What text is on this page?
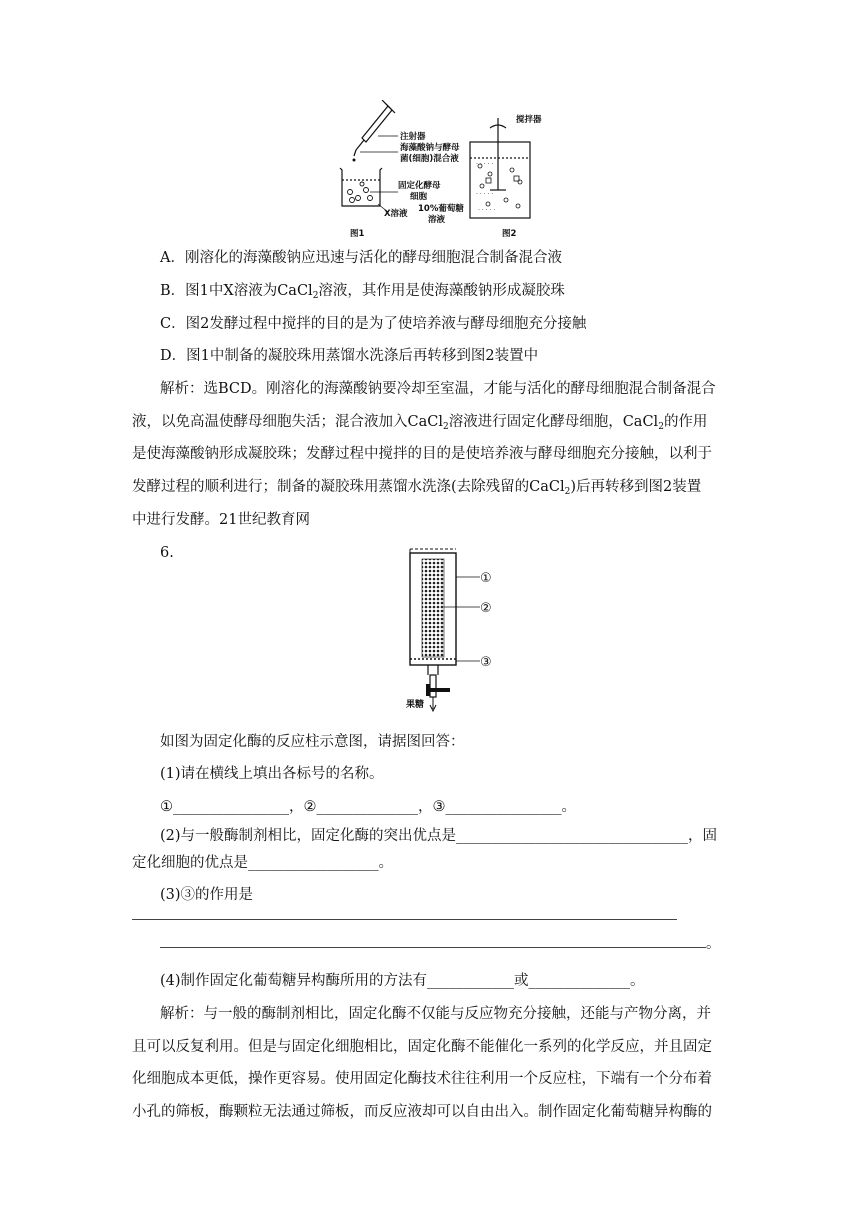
注射器
海藻酸钠与酵母
菌(细胞)混合液
固定化酵母
细胞
X溶液 10%葡萄糖
溶液
搅拌器
图1	图2
· · · · ·
· · · · ·
· · · · ·
A．刚溶化的海藻酸钠应迅速与活化的酵母细胞混合制备混合液
B．图1中X溶液为CaCl$_2$溶液，其作用是使海藻酸钠形成凝胶珠
C．图2发酵过程中搅拌的目的是为了使培养液与酵母细胞充分接触
D．图1中制备的凝胶珠用蒸馏水洗涤后再转移到图2装置中
解析：选BCD。刚溶化的海藻酸钠要冷却至室温，才能与活化的酵母细胞混合制备混合
液，以免高温使酵母细胞失活；混合液加入CaCl$_2$溶液进行固定化酵母细胞，CaCl$_2$的作用
是使海藻酸钠形成凝胶珠；发酵过程中搅拌的目的是使培养液与酵母细胞充分接触，以利于
发酵过程的顺利进行；制备的凝胶珠用蒸馏水洗涤(去除残留的CaCl$_2$)后再转移到图2装置
中进行发酵。21世纪教育网
6.
①
②
③
果糖
如图为固定化酶的反应柱示意图，请据图回答：
(1)请在横线上填出各标号的名称。
①________________，②______________，③________________。
(2)与一般酶制剂相比，固定化酶的突出优点是________________________________，固
定化细胞的优点是__________________。
(3)③的作用是
。
(4)制作固定化葡萄糖异构酶所用的方法有____________或______________。
解析：与一般的酶制剂相比，固定化酶不仅能与反应物充分接触，还能与产物分离，并
且可以反复利用。但是与固定化细胞相比，固定化酶不能催化一系列的化学反应，并且固定
化细胞成本更低，操作更容易。使用固定化酶技术往往利用一个反应柱，下端有一个分布着
小孔的筛板，酶颗粒无法通过筛板，而反应液却可以自由出入。制作固定化葡萄糖异构酶的
